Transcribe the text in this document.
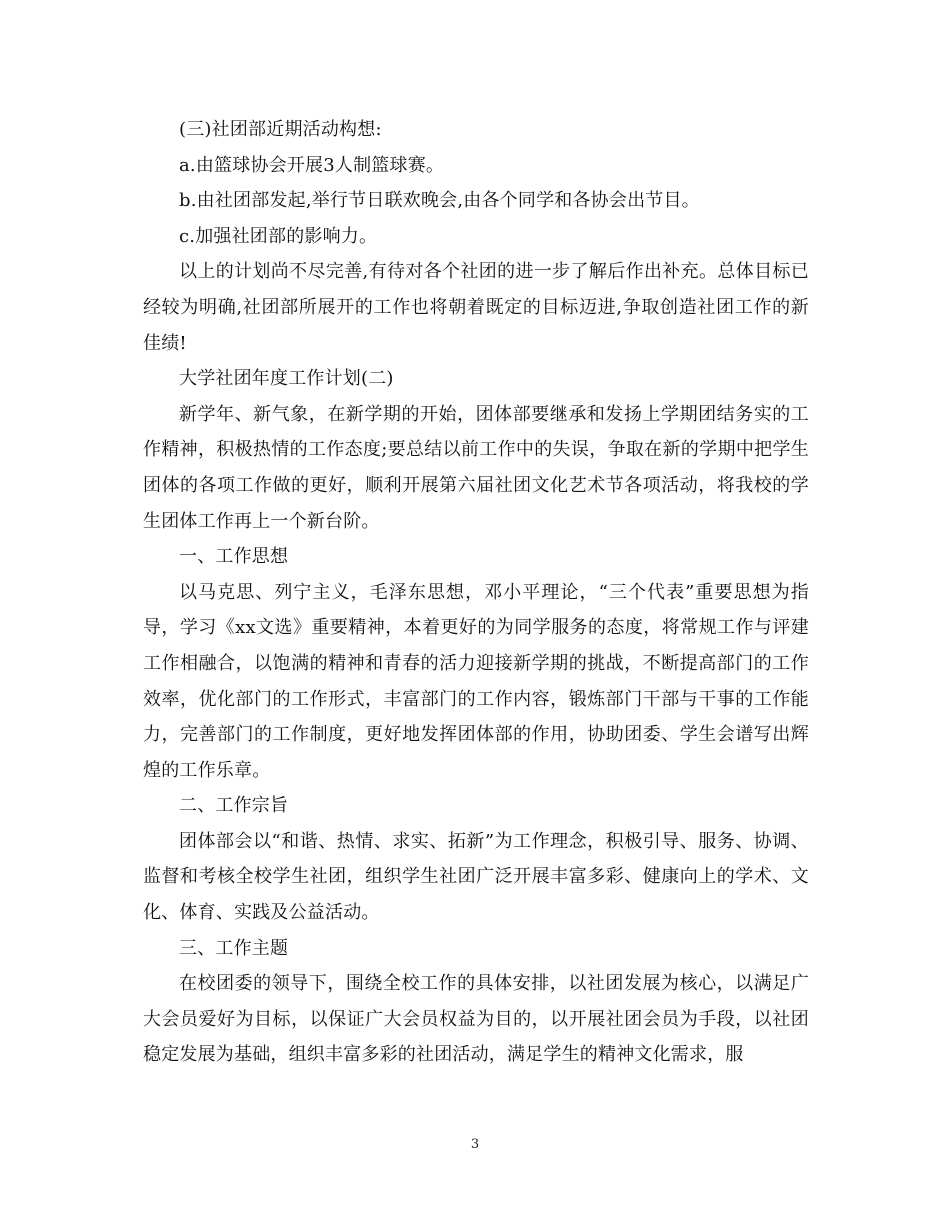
(三)社团部近期活动构想:

a.由篮球协会开展3人制篮球赛。

b.由社团部发起,举行节日联欢晚会,由各个同学和各协会出节目。

c.加强社团部的影响力。

以上的计划尚不尽完善,有待对各个社团的进一步了解后作出补充。总体目标已经较为明确,社团部所展开的工作也将朝着既定的目标迈进,争取创造社团工作的新佳绩!

大学社团年度工作计划(二)

新学年、新气象，在新学期的开始，团体部要继承和发扬上学期团结务实的工作精神，积极热情的工作态度;要总结以前工作中的失误，争取在新的学期中把学生团体的各项工作做的更好，顺利开展第六届社团文化艺术节各项活动，将我校的学生团体工作再上一个新台阶。

一、工作思想

以马克思、列宁主义，毛泽东思想，邓小平理论，“三个代表”重要思想为指导，学习《xx文选》重要精神，本着更好的为同学服务的态度，将常规工作与评建工作相融合，以饱满的精神和青春的活力迎接新学期的挑战，不断提高部门的工作效率，优化部门的工作形式，丰富部门的工作内容，锻炼部门干部与干事的工作能力，完善部门的工作制度，更好地发挥团体部的作用，协助团委、学生会谱写出辉煌的工作乐章。

二、工作宗旨

团体部会以“和谐、热情、求实、拓新”为工作理念，积极引导、服务、协调、监督和考核全校学生社团，组织学生社团广泛开展丰富多彩、健康向上的学术、文化、体育、实践及公益活动。

三、工作主题

在校团委的领导下，围绕全校工作的具体安排，以社团发展为核心，以满足广大会员爱好为目标，以保证广大会员权益为目的，以开展社团会员为手段，以社团稳定发展为基础，组织丰富多彩的社团活动，满足学生的精神文化需求，服

3
